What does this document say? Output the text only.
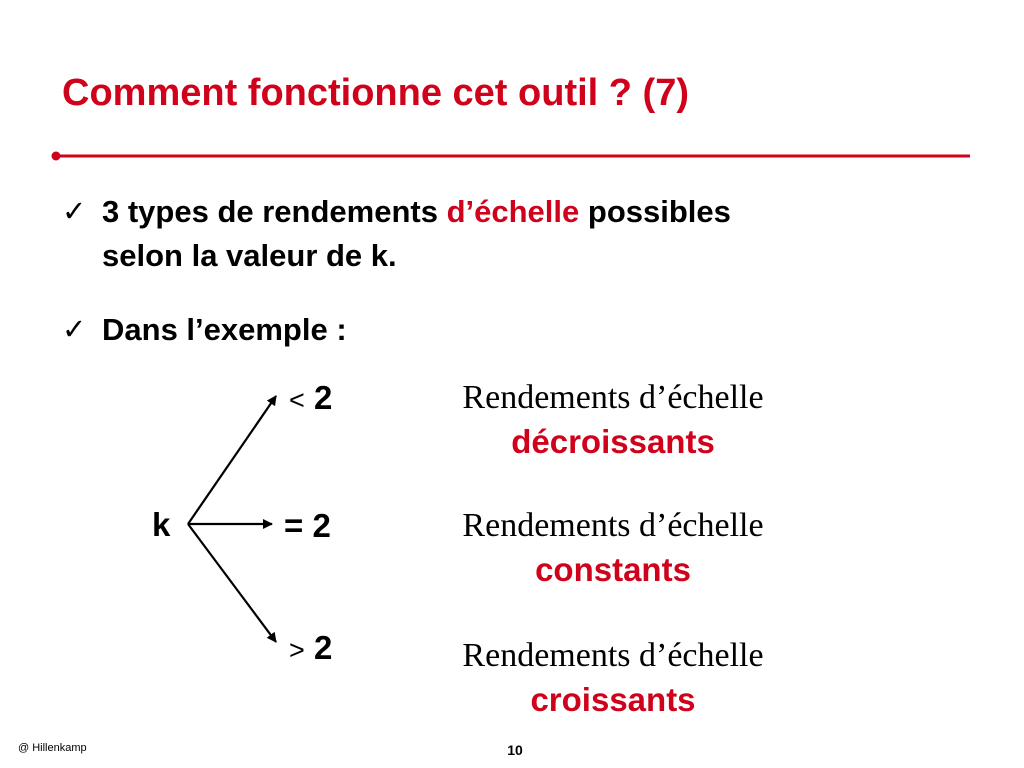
Comment fonctionne cet outil ? (7)
✓ 3 types de rendements d’échelle possibles
selon la valeur de k.
✓ Dans l’exemple :
k
< 2
= 2
> 2
Rendements d’échelle
décroissants
Rendements d’échelle
constants
Rendements d’échelle
croissants
@ Hillenkamp	10
